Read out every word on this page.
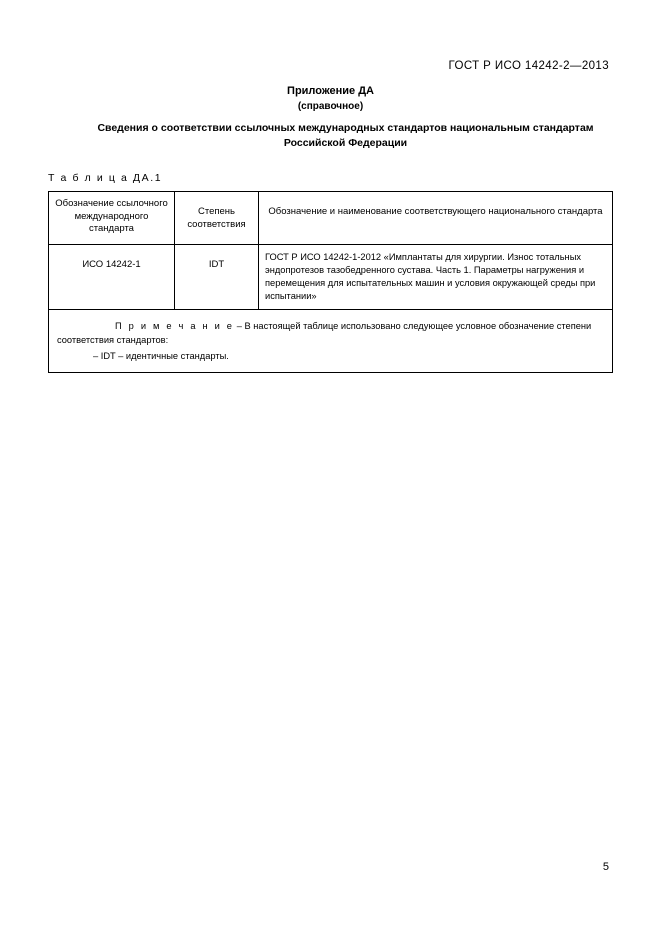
ГОСТ Р ИСО 14242-2—2013
Приложение ДА
(справочное)
Сведения о соответствии ссылочных международных стандартов национальным стандартам Российской Федерации
Т а б л и ц а ДА.1
Обозначение ссылочного международного стандарта	Степень соответствия	Обозначение и наименование соответствующего национального стандарта
ИСО 14242-1	IDT	ГОСТ Р ИСО 14242-1-2012 «Имплантаты для хирургии. Износ тотальных эндопротезов тазобедренного сустава. Часть 1. Параметры нагружения и перемещения для испытательных машин и условия окружающей среды при испытании»

П р и м е ч а н и е – В настоящей таблице использовано следующее условное обозначение степени соответствия стандартов:
– IDT – идентичные стандарты.		
5
